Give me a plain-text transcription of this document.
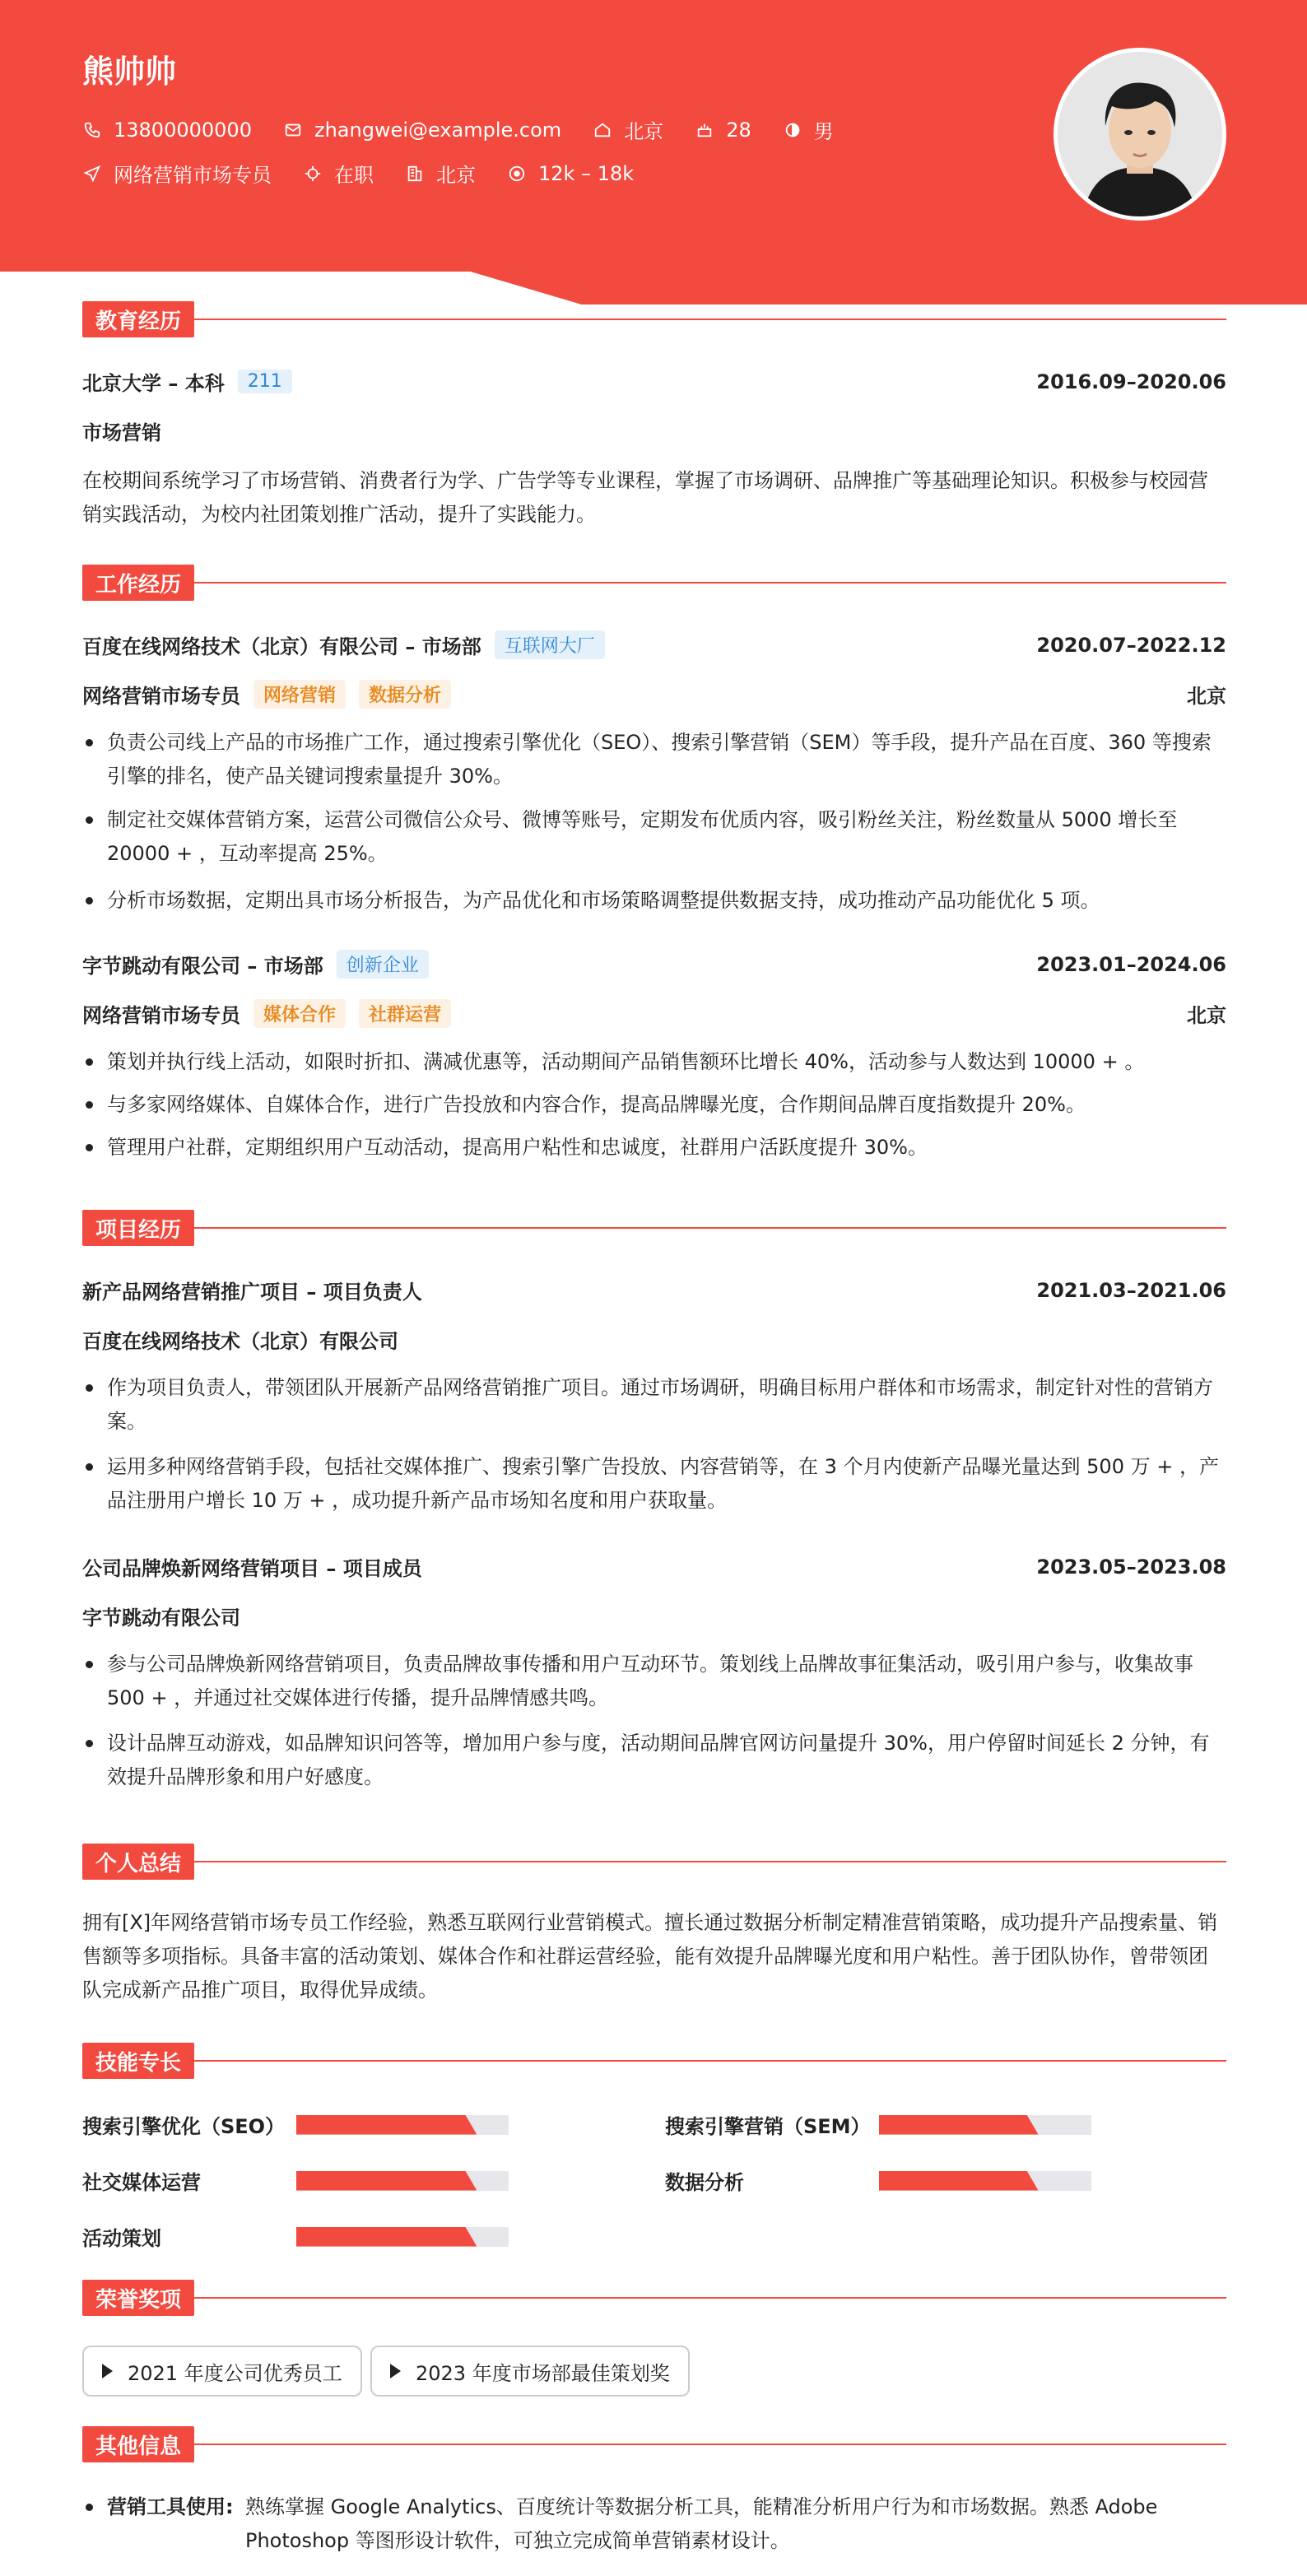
熊帅帅
13800000000	zhangwei@example.com	北京	28	男
网络营销市场专员	在职	北京	12k – 18k
教育经历
北京大学 – 本科	211	2016.09–2020.06
市场营销
在校期间系统学习了市场营销、消费者行为学、广告学等专业课程，掌握了市场调研、品牌推广等基础理论知识。积极参与校园营销实践活动，为校内社团策划推广活动，提升了实践能力。
工作经历
百度在线网络技术（北京）有限公司 – 市场部	互联网大厂	2020.07–2022.12
网络营销市场专员	网络营销	数据分析	北京
负责公司线上产品的市场推广工作，通过搜索引擎优化（SEO）、搜索引擎营销（SEM）等手段，提升产品在百度、360 等搜索引擎的排名，使产品关键词搜索量提升 30%。
制定社交媒体营销方案，运营公司微信公众号、微博等账号，定期发布优质内容，吸引粉丝关注，粉丝数量从 5000 增长至 20000 + ，互动率提高 25%。
分析市场数据，定期出具市场分析报告，为产品优化和市场策略调整提供数据支持，成功推动产品功能优化 5 项。
字节跳动有限公司 – 市场部	创新企业	2023.01–2024.06
网络营销市场专员	媒体合作	社群运营	北京
策划并执行线上活动，如限时折扣、满减优惠等，活动期间产品销售额环比增长 40%，活动参与人数达到 10000 + 。
与多家网络媒体、自媒体合作，进行广告投放和内容合作，提高品牌曝光度，合作期间品牌百度指数提升 20%。
管理用户社群，定期组织用户互动活动，提高用户粘性和忠诚度，社群用户活跃度提升 30%。
项目经历
新产品网络营销推广项目 – 项目负责人	2021.03–2021.06
百度在线网络技术（北京）有限公司
作为项目负责人，带领团队开展新产品网络营销推广项目。通过市场调研，明确目标用户群体和市场需求，制定针对性的营销方案。
运用多种网络营销手段，包括社交媒体推广、搜索引擎广告投放、内容营销等，在 3 个月内使新产品曝光量达到 500 万 + ，产品注册用户增长 10 万 + ，成功提升新产品市场知名度和用户获取量。
公司品牌焕新网络营销项目 – 项目成员	2023.05–2023.08
字节跳动有限公司
参与公司品牌焕新网络营销项目，负责品牌故事传播和用户互动环节。策划线上品牌故事征集活动，吸引用户参与，收集故事 500 + ，并通过社交媒体进行传播，提升品牌情感共鸣。
设计品牌互动游戏，如品牌知识问答等，增加用户参与度，活动期间品牌官网访问量提升 30%，用户停留时间延长 2 分钟，有效提升品牌形象和用户好感度。
个人总结
拥有[X]年网络营销市场专员工作经验，熟悉互联网行业营销模式。擅长通过数据分析制定精准营销策略，成功提升产品搜索量、销售额等多项指标。具备丰富的活动策划、媒体合作和社群运营经验，能有效提升品牌曝光度和用户粘性。善于团队协作，曾带领团队完成新产品推广项目，取得优异成绩。
技能专长
搜索引擎优化（SEO）	搜索引擎营销（SEM）
社交媒体运营	数据分析
活动策划
荣誉奖项
2021 年度公司优秀员工	2023 年度市场部最佳策划奖
其他信息
营销工具使用: 熟练掌握 Google Analytics、百度统计等数据分析工具，能精准分析用户行为和市场数据。熟悉 Adobe Photoshop 等图形设计软件，可独立完成简单营销素材设计。
